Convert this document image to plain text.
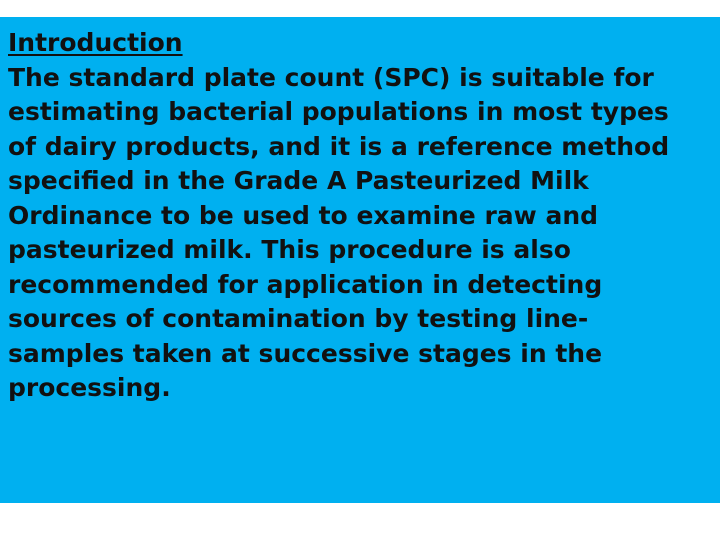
Introduction
The standard plate count (SPC) is suitable for
estimating bacterial populations in most types
of dairy products, and it is a reference method
specified in the Grade A Pasteurized Milk
Ordinance to be used to examine raw and
pasteurized milk. This procedure is also
recommended for application in detecting
sources of contamination by testing line-
samples taken at successive stages in the
processing.
